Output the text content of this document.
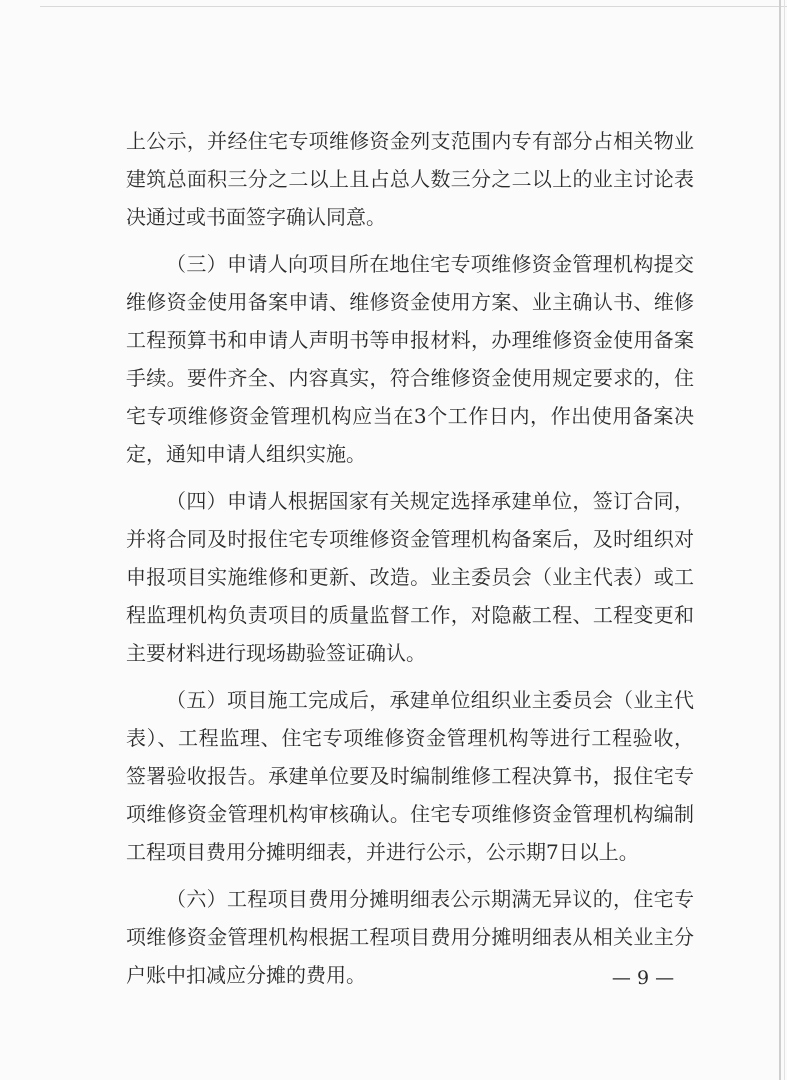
上公示，并经住宅专项维修资金列支范围内专有部分占相关物业
建筑总面积三分之二以上且占总人数三分之二以上的业主讨论表
决通过或书面签字确认同意。
（三）申请人向项目所在地住宅专项维修资金管理机构提交
维修资金使用备案申请、维修资金使用方案、业主确认书、维修
工程预算书和申请人声明书等申报材料，办理维修资金使用备案
手续。要件齐全、内容真实，符合维修资金使用规定要求的，住
宅专项维修资金管理机构应当在3个工作日内，作出使用备案决
定，通知申请人组织实施。
（四）申请人根据国家有关规定选择承建单位，签订合同，
并将合同及时报住宅专项维修资金管理机构备案后，及时组织对
申报项目实施维修和更新、改造。业主委员会（业主代表）或工
程监理机构负责项目的质量监督工作，对隐蔽工程、工程变更和
主要材料进行现场勘验签证确认。
（五）项目施工完成后，承建单位组织业主委员会（业主代
表）、工程监理、住宅专项维修资金管理机构等进行工程验收，
签署验收报告。承建单位要及时编制维修工程决算书，报住宅专
项维修资金管理机构审核确认。住宅专项维修资金管理机构编制
工程项目费用分摊明细表，并进行公示，公示期7日以上。
（六）工程项目费用分摊明细表公示期满无异议的，住宅专
项维修资金管理机构根据工程项目费用分摊明细表从相关业主分
户账中扣减应分摊的费用。	— 9 —
